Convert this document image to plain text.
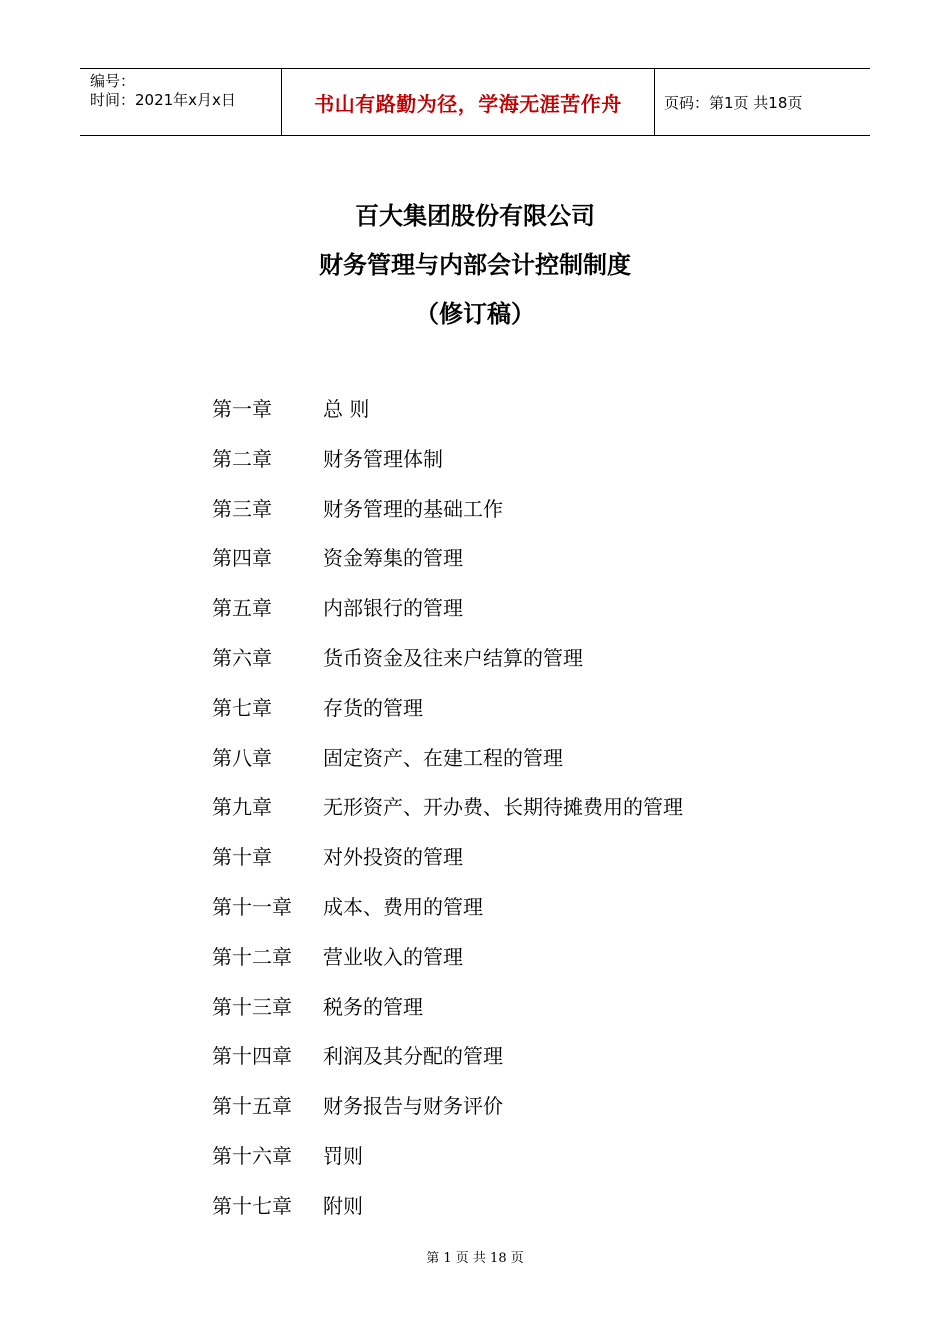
编号：
时间：2021年x月x日	书山有路勤为径，学海无涯苦作舟	页码：第1页 共18页
百大集团股份有限公司
财务管理与内部会计控制制度
（修订稿）
第一章	总 则
第二章	财务管理体制
第三章	财务管理的基础工作
第四章	资金筹集的管理
第五章	内部银行的管理
第六章	货币资金及往来户结算的管理
第七章	存货的管理
第八章	固定资产、在建工程的管理
第九章	无形资产、开办费、长期待摊费用的管理
第十章	对外投资的管理
第十一章	成本、费用的管理
第十二章	营业收入的管理
第十三章	税务的管理
第十四章	利润及其分配的管理
第十五章	财务报告与财务评价
第十六章	罚则
第十七章	附则
第 1 页 共 18 页
